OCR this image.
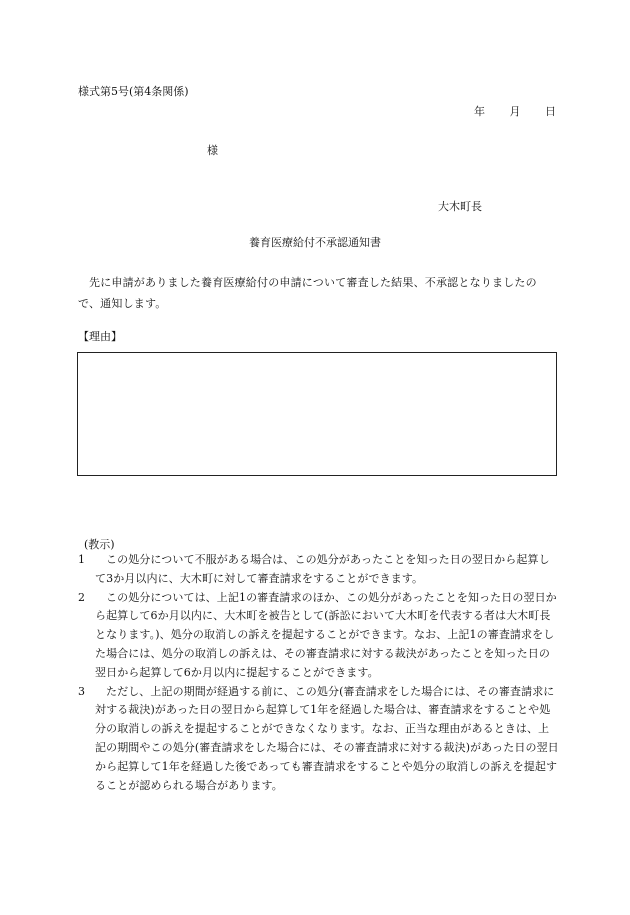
様式第5号(第4条関係)
年 月 日
様
大木町長
養育医療給付不承認通知書
先に申請がありました養育医療給付の申請について審査した結果、不承認となりましたので、通知します。
【理由】
(教示)
1	この処分について不服がある場合は、この処分があったことを知った日の翌日から起算して3か月以内に、大木町に対して審査請求をすることができます。
2	この処分については、上記1の審査請求のほか、この処分があったことを知った日の翌日から起算して6か月以内に、大木町を被告として(訴訟において大木町を代表する者は大木町長となります。)、処分の取消しの訴えを提起することができます。なお、上記1の審査請求をした場合には、処分の取消しの訴えは、その審査請求に対する裁決があったことを知った日の翌日から起算して6か月以内に提起することができます。
3	ただし、上記の期間が経過する前に、この処分(審査請求をした場合には、その審査請求に対する裁決)があった日の翌日から起算して1年を経過した場合は、審査請求をすることや処分の取消しの訴えを提起することができなくなります。なお、正当な理由があるときは、上記の期間やこの処分(審査請求をした場合には、その審査請求に対する裁決)があった日の翌日から起算して1年を経過した後であっても審査請求をすることや処分の取消しの訴えを提起することが認められる場合があります。
